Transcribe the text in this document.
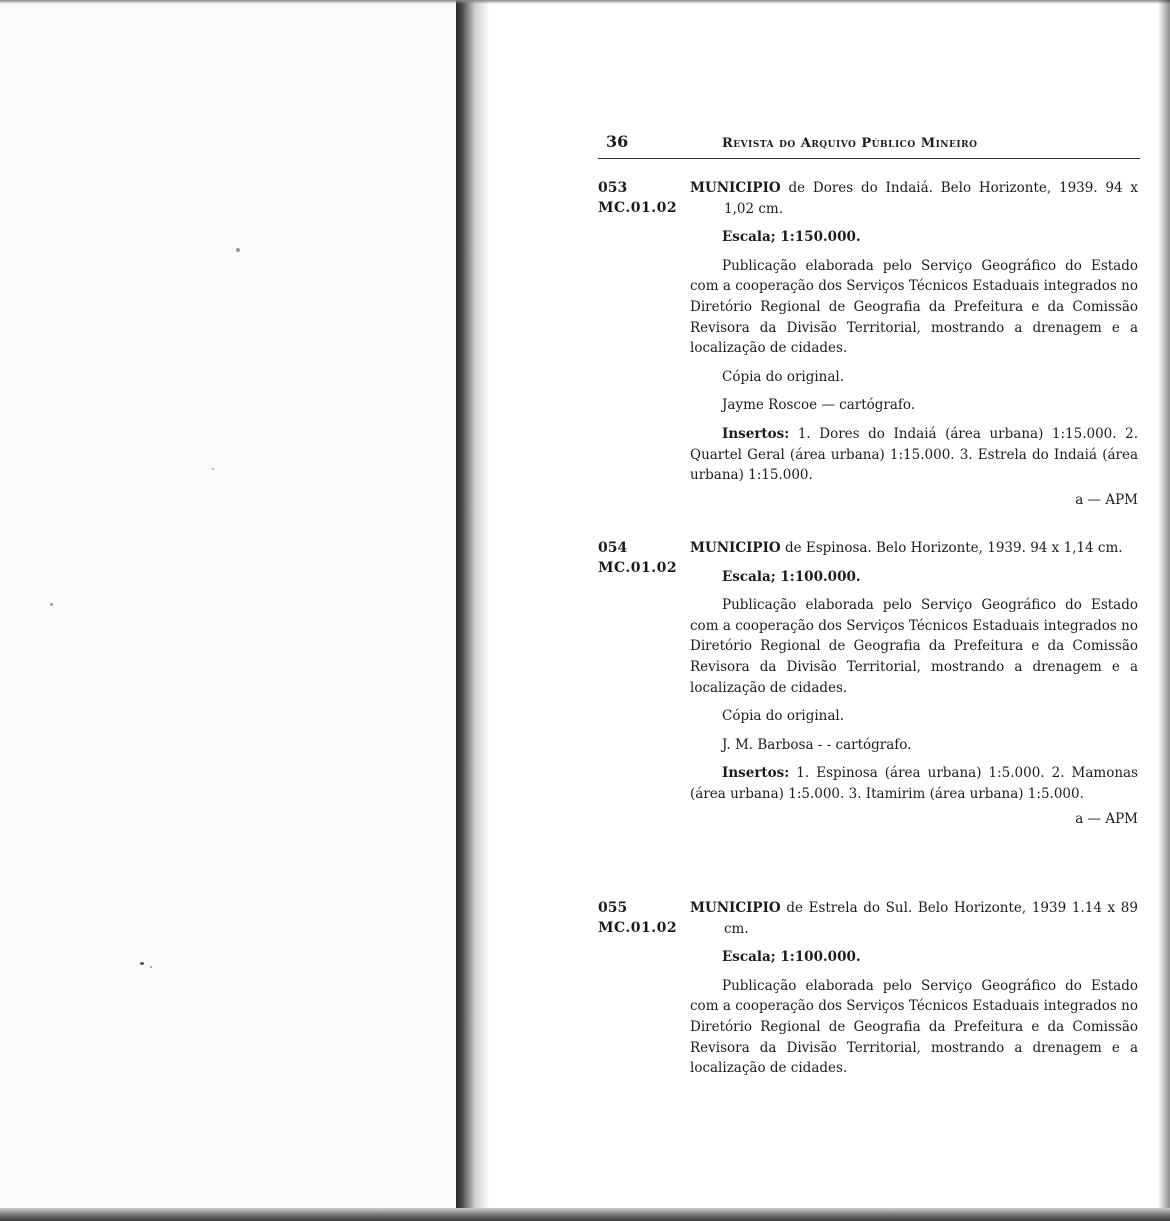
36	Revista do Arquivo Público Mineiro
053
MC.01.02

MUNICIPIO de Dores do Indaiá. Belo Horizonte, 1939. 94 x 1,02 cm.

Escala; 1:150.000.

Publicação elaborada pelo Serviço Geográfico do Estado com a cooperação dos Serviços Técnicos Estaduais integrados no Diretório Regional de Geografia da Prefeitura e da Comissão Revisora da Divisão Territorial, mostrando a drenagem e a localização de cidades.

Cópia do original.

Jayme Roscoe — cartógrafo.

Insertos: 1. Dores do Indaiá (área urbana) 1:15.000. 2. Quartel Geral (área urbana) 1:15.000. 3. Estrela do Indaiá (área urbana) 1:15.000.

a — APM

054
MC.01.02

MUNICIPIO de Espinosa. Belo Horizonte, 1939. 94 x 1,14 cm.

Escala; 1:100.000.

Publicação elaborada pelo Serviço Geográfico do Estado com a cooperação dos Serviços Técnicos Estaduais integrados no Diretório Regional de Geografia da Prefeitura e da Comissão Revisora da Divisão Territorial, mostrando a drenagem e a localização de cidades.

Cópia do original.

J. M. Barbosa - - cartógrafo.

Insertos: 1. Espinosa (área urbana) 1:5.000. 2. Mamonas (área urbana) 1:5.000. 3. Itamirim (área urbana) 1:5.000.

a — APM

055
MC.01.02

MUNICIPIO de Estrela do Sul. Belo Horizonte, 1939 1.14 x 89 cm.

Escala; 1:100.000.

Publicação elaborada pelo Serviço Geográfico do Estado com a cooperação dos Serviços Técnicos Estaduais integrados no Diretório Regional de Geografia da Prefeitura e da Comissão Revisora da Divisão Territorial, mostrando a drenagem e a localização de cidades.
